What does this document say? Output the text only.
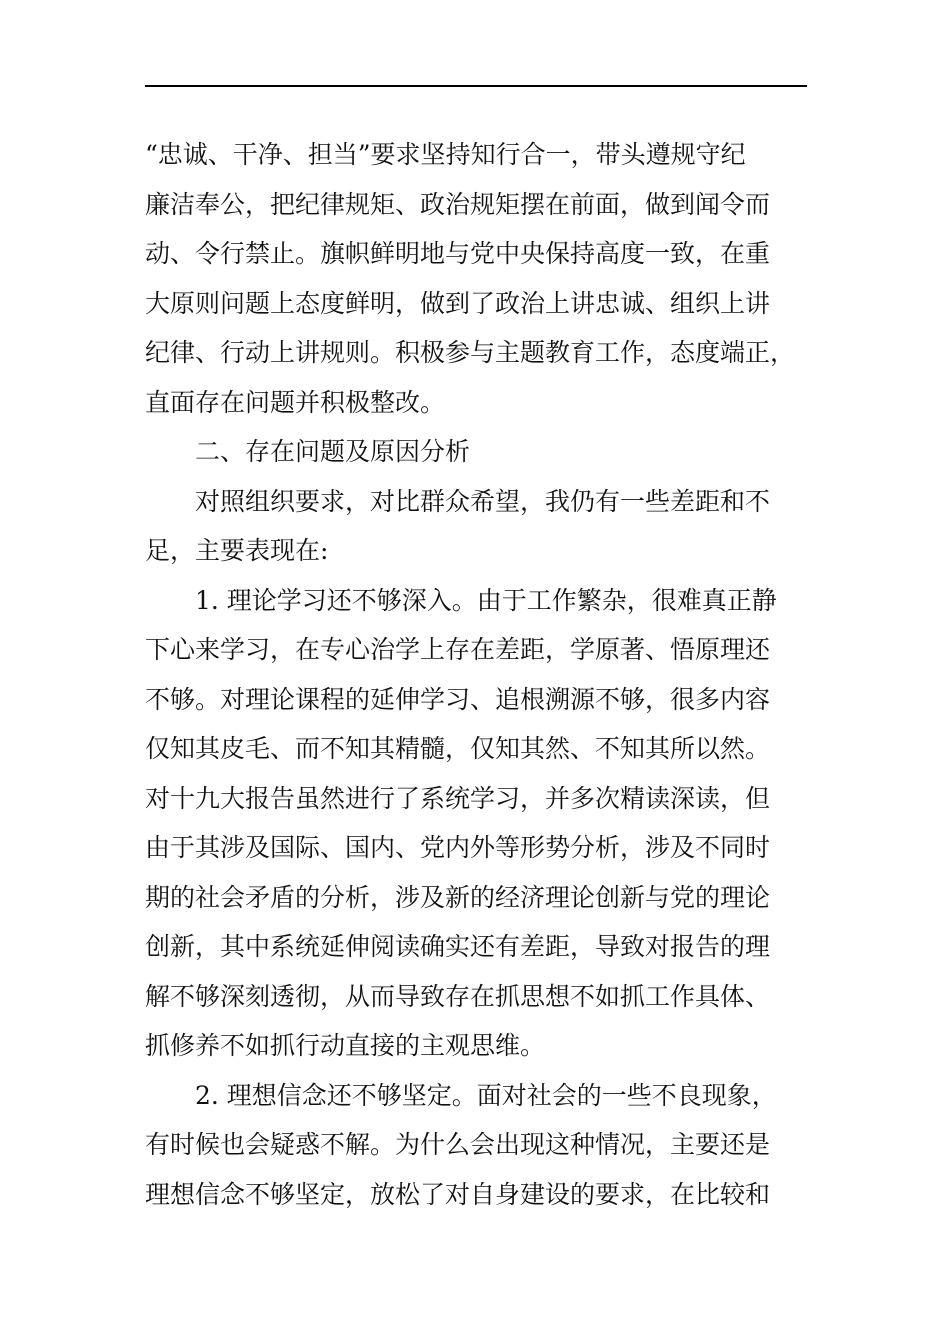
“忠诚、干净、担当”要求坚持知行合一，带头遵规守纪
廉洁奉公，把纪律规矩、政治规矩摆在前面，做到闻令而
动、令行禁止。旗帜鲜明地与党中央保持高度一致，在重
大原则问题上态度鲜明，做到了政治上讲忠诚、组织上讲
纪律、行动上讲规则。积极参与主题教育工作，态度端正，
直面存在问题并积极整改。
二、存在问题及原因分析
对照组织要求，对比群众希望，我仍有一些差距和不
足，主要表现在:
1. 理论学习还不够深入。由于工作繁杂，很难真正静
下心来学习，在专心治学上存在差距，学原著、悟原理还
不够。对理论课程的延伸学习、追根溯源不够，很多内容
仅知其皮毛、而不知其精髓，仅知其然、不知其所以然。
对十九大报告虽然进行了系统学习，并多次精读深读，但
由于其涉及国际、国内、党内外等形势分析，涉及不同时
期的社会矛盾的分析，涉及新的经济理论创新与党的理论
创新，其中系统延伸阅读确实还有差距，导致对报告的理
解不够深刻透彻，从而导致存在抓思想不如抓工作具体、
抓修养不如抓行动直接的主观思维。
2. 理想信念还不够坚定。面对社会的一些不良现象，
有时候也会疑惑不解。为什么会出现这种情况，主要还是
理想信念不够坚定，放松了对自身建设的要求，在比较和
